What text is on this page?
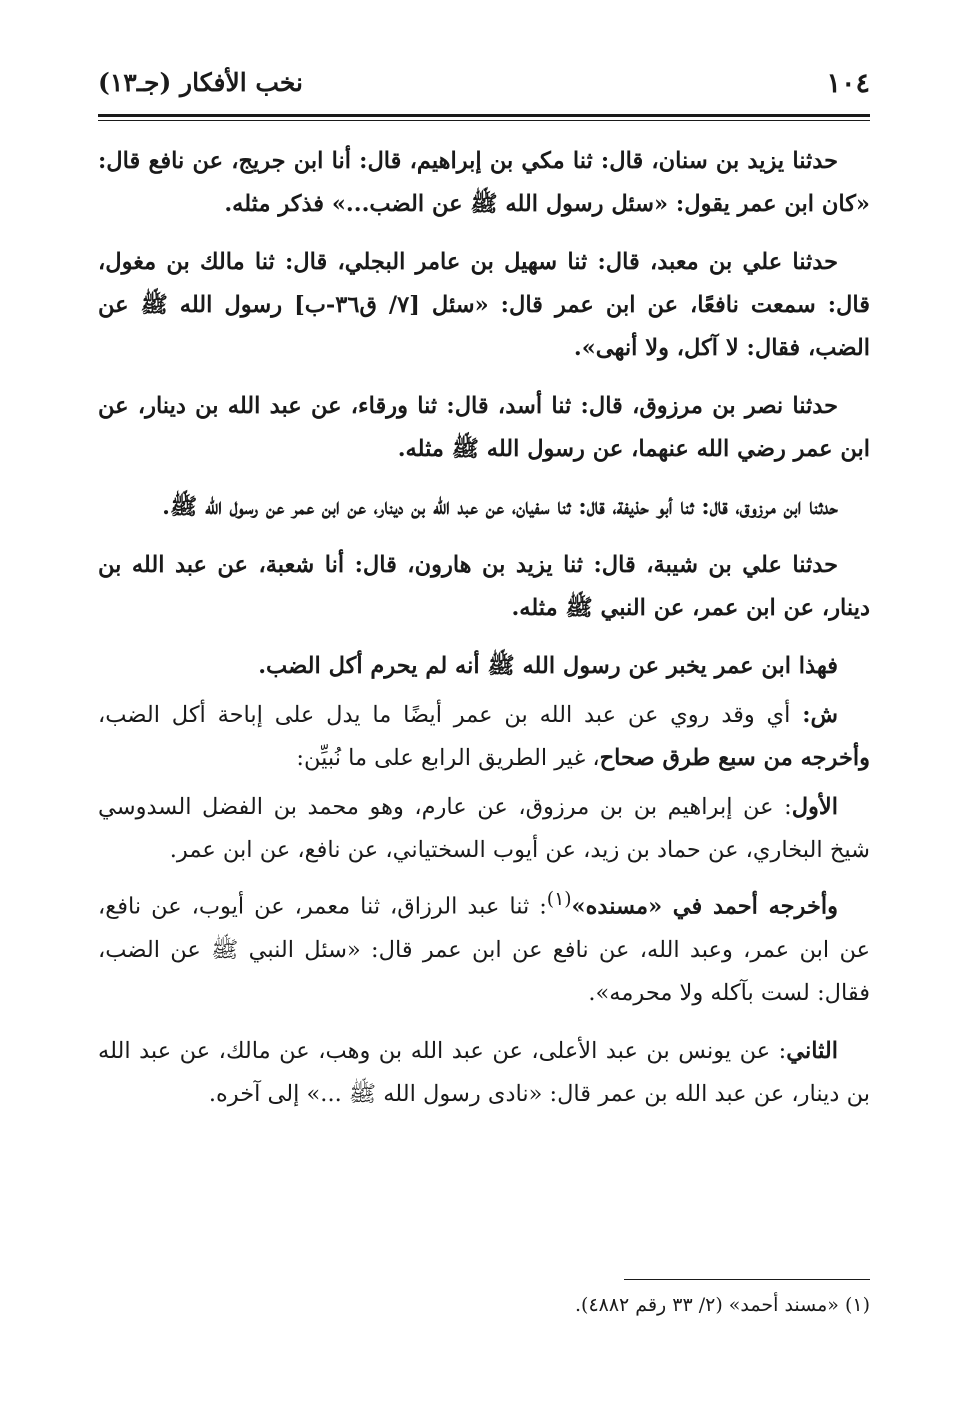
١٠٤
نخب الأفكار (جـ١٣)

حدثنا يزيد بن سنان، قال: ثنا مكي بن إبراهيم، قال: أنا ابن جريج، عن نافع قال: «كان ابن عمر يقول: «سئل رسول الله ﷺ عن الضب...» فذكر مثله.

حدثنا علي بن معبد، قال: ثنا سهيل بن عامر البجلي، قال: ثنا مالك بن مغول، قال: سمعت نافعًا، عن ابن عمر قال: «سئل [٧/ ق٣٦-ب] رسول الله ﷺ عن الضب، فقال: لا آكل، ولا أنهى».

حدثنا نصر بن مرزوق، قال: ثنا أسد، قال: ثنا ورقاء، عن عبد الله بن دينار، عن ابن عمر رضي الله عنهما، عن رسول الله ﷺ مثله.

حدثنا ابن مرزوق، قال: ثنا أبو حذيفة، قال: ثنا سفيان، عن عبد الله بن دينار، عن ابن عمر عن رسول الله ﷺ.

حدثنا علي بن شيبة، قال: ثنا يزيد بن هارون، قال: أنا شعبة، عن عبد الله بن دينار، عن ابن عمر، عن النبي ﷺ مثله.

فهذا ابن عمر يخبر عن رسول الله ﷺ أنه لم يحرم أكل الضب.

ش: أي وقد روي عن عبد الله بن عمر أيضًا ما يدل على إباحة أكل الضب، وأخرجه من سبع طرق صحاح، غير الطريق الرابع على ما نُبيِّن:

الأول: عن إبراهيم بن بن مرزوق، عن عارم، وهو محمد بن الفضل السدوسي شيخ البخاري، عن حماد بن زيد، عن أيوب السختياني، عن نافع، عن ابن عمر.

وأخرجه أحمد في «مسنده»$^{(١)}$: ثنا عبد الرزاق، ثنا معمر، عن أيوب، عن نافع، عن ابن عمر، وعبد الله، عن نافع عن ابن عمر قال: «سئل النبي ﷺ عن الضب، فقال: لست بآكله ولا محرمه».

الثاني: عن يونس بن عبد الأعلى، عن عبد الله بن وهب، عن مالك، عن عبد الله بن دينار، عن عبد الله بن عمر قال: «نادى رسول الله ﷺ ...» إلى آخره.

(١) «مسند أحمد» (٢/ ٣٣ رقم ٤٨٨٢).
